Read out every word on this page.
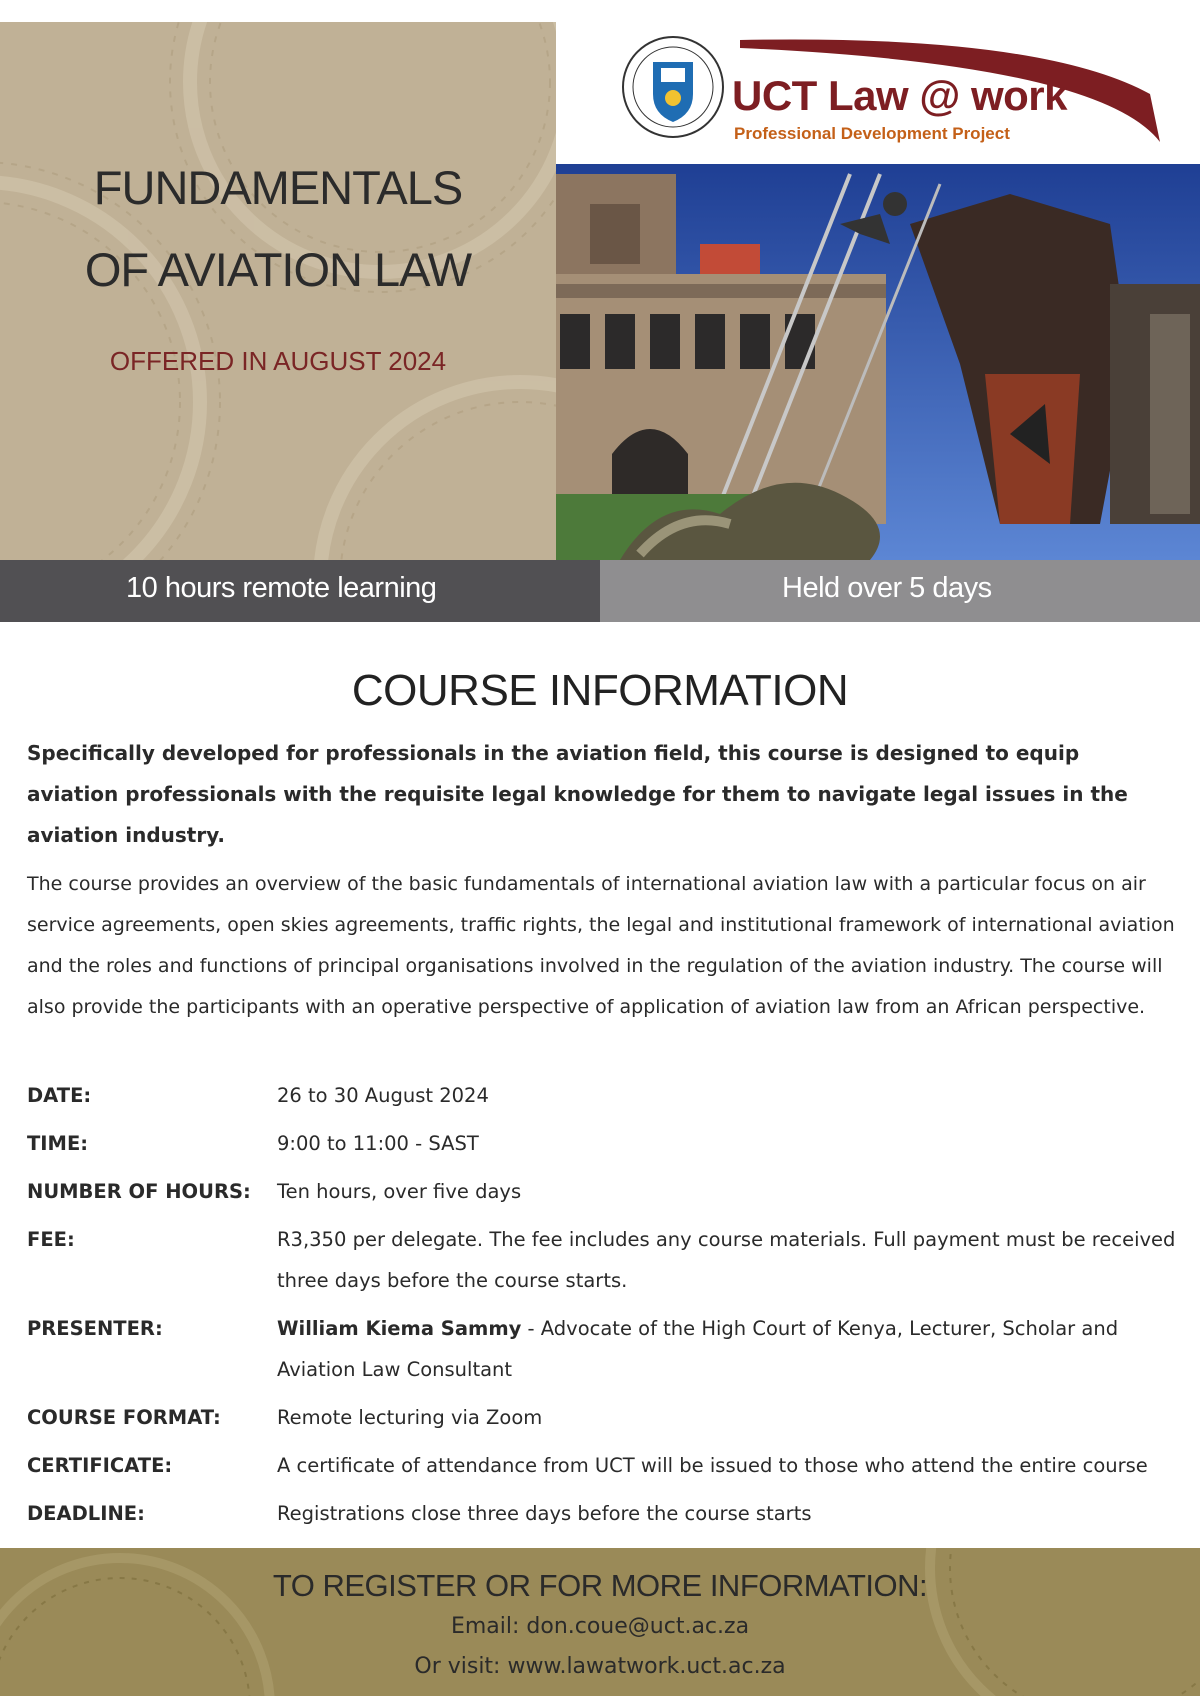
UCT Law @ work
Professional Development Project
FUNDAMENTALS
OF AVIATION LAW
OFFERED IN AUGUST 2024
10 hours remote learning	Held over 5 days
COURSE INFORMATION
Specifically developed for professionals in the aviation field, this course is designed to equip aviation professionals with the requisite legal knowledge for them to navigate legal issues in the aviation industry.
The course provides an overview of the basic fundamentals of international aviation law with a particular focus on air service agreements, open skies agreements, traffic rights, the legal and institutional framework of international aviation and the roles and functions of principal organisations involved in the regulation of the aviation industry. The course will also provide the participants with an operative perspective of application of aviation law from an African perspective.
DATE:	26 to 30 August 2024
TIME:	9:00 to 11:00 - SAST
NUMBER OF HOURS: Ten hours, over five days
FEE:	R3,350 per delegate. The fee includes any course materials. Full payment must be received three days before the course starts.
PRESENTER:	William Kiema Sammy - Advocate of the High Court of Kenya, Lecturer, Scholar and Aviation Law Consultant
COURSE FORMAT:	Remote lecturing via Zoom
CERTIFICATE:	A certificate of attendance from UCT will be issued to those who attend the entire course
DEADLINE:	Registrations close three days before the course starts
TO REGISTER OR FOR MORE INFORMATION:
Email: don.coue@uct.ac.za
Or visit: www.lawatwork.uct.ac.za
